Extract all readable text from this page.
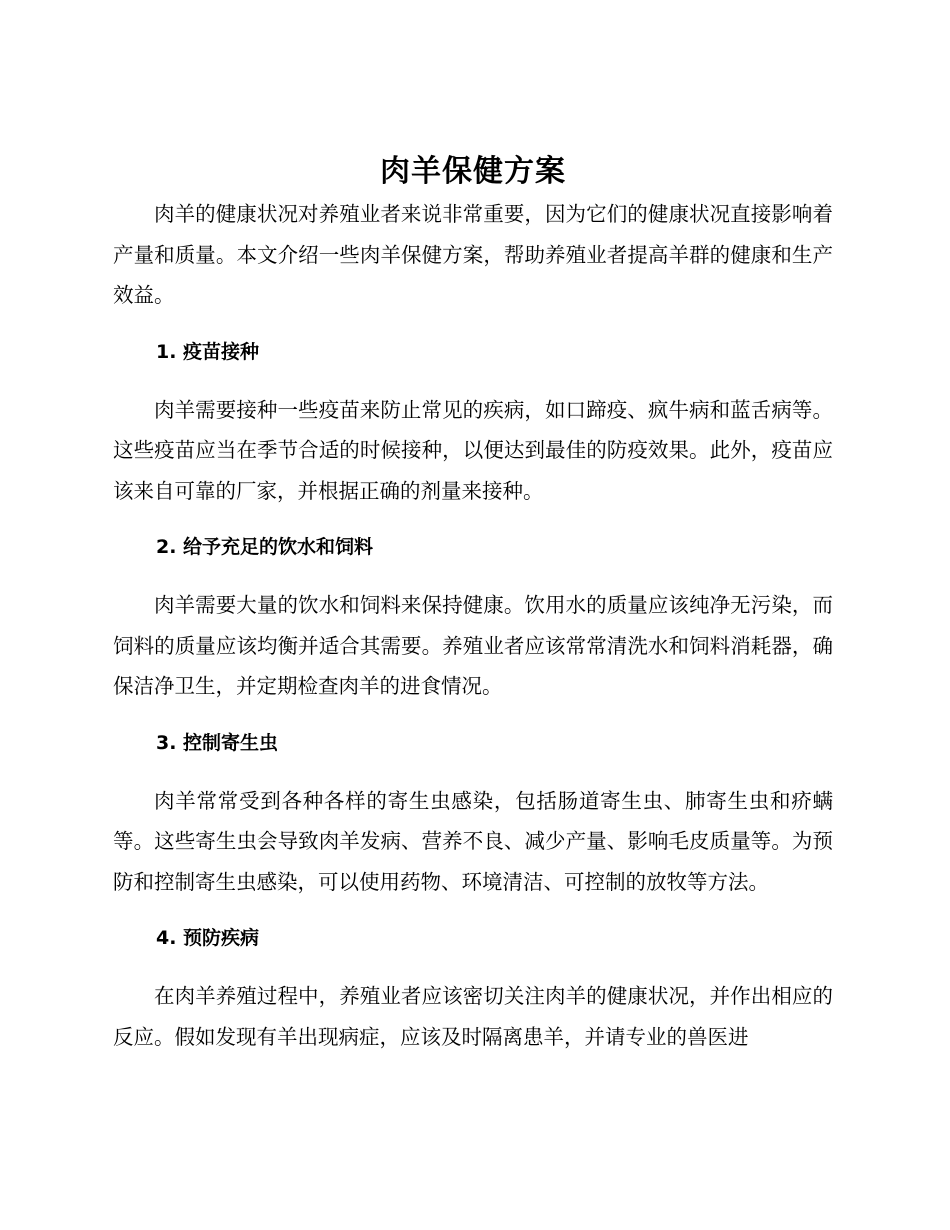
肉羊保健方案

肉羊的健康状况对养殖业者来说非常重要，因为它们的健康状况直接影响着产量和质量。本文介绍一些肉羊保健方案，帮助养殖业者提高羊群的健康和生产效益。

1. 疫苗接种

肉羊需要接种一些疫苗来防止常见的疾病，如口蹄疫、疯牛病和蓝舌病等。这些疫苗应当在季节合适的时候接种，以便达到最佳的防疫效果。此外，疫苗应该来自可靠的厂家，并根据正确的剂量来接种。

2. 给予充足的饮水和饲料

肉羊需要大量的饮水和饲料来保持健康。饮用水的质量应该纯净无污染，而饲料的质量应该均衡并适合其需要。养殖业者应该常常清洗水和饲料消耗器，确保洁净卫生，并定期检查肉羊的进食情况。

3. 控制寄生虫

肉羊常常受到各种各样的寄生虫感染，包括肠道寄生虫、肺寄生虫和疥螨等。这些寄生虫会导致肉羊发病、营养不良、减少产量、影响毛皮质量等。为预防和控制寄生虫感染，可以使用药物、环境清洁、可控制的放牧等方法。

4. 预防疾病

在肉羊养殖过程中，养殖业者应该密切关注肉羊的健康状况，并作出相应的反应。假如发现有羊出现病症，应该及时隔离患羊，并请专业的兽医进
